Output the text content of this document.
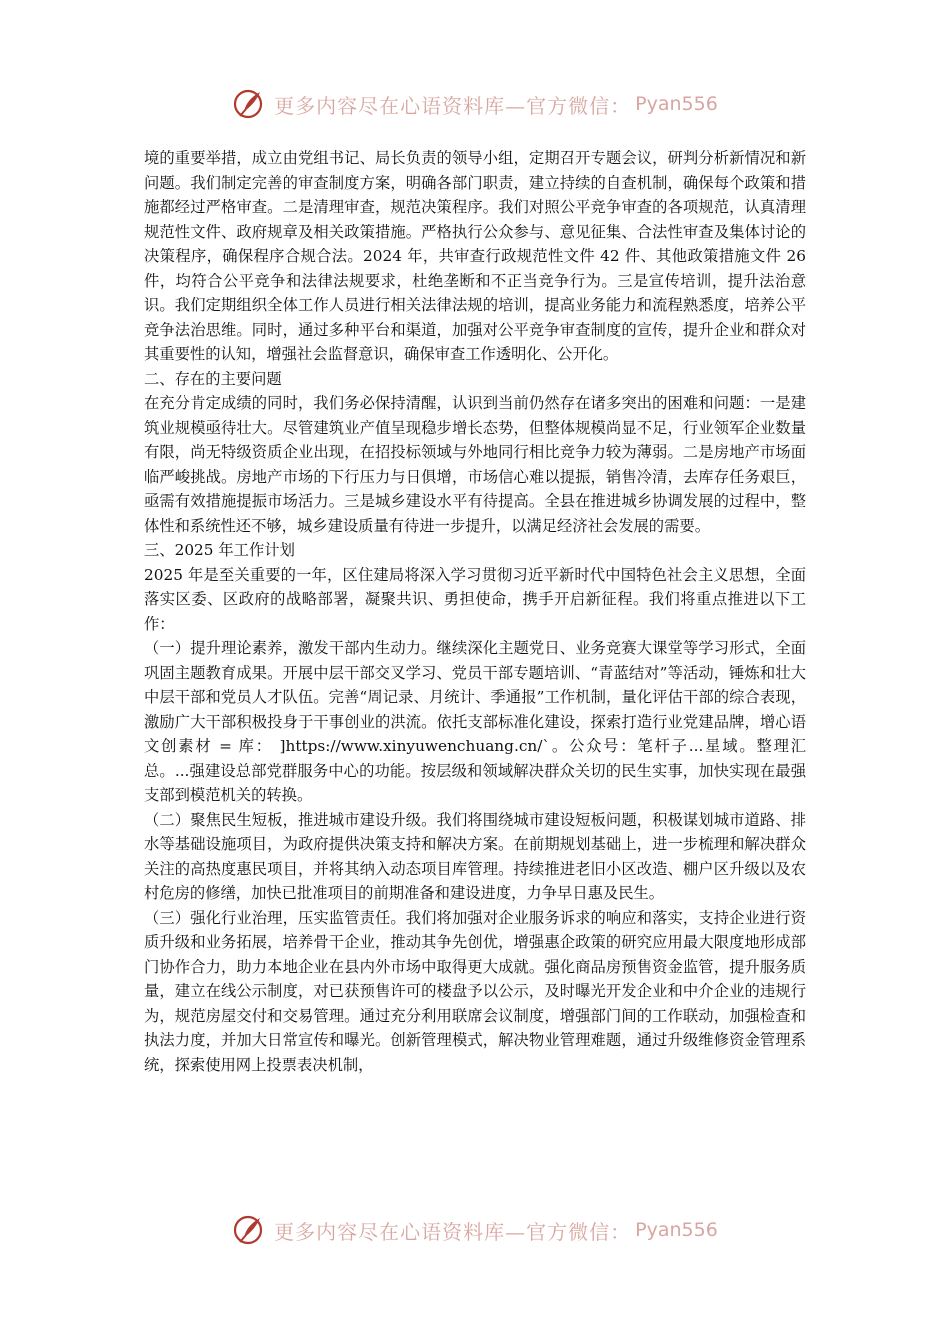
更多内容尽在心语资料库—官方微信： Pyan556

境的重要举措，成立由党组书记、局长负责的领导小组，定期召开专题会议，研判分析新情况和新问题。我们制定完善的审查制度方案，明确各部门职责，建立持续的自查机制，确保每个政策和措施都经过严格审查。二是清理审查，规范决策程序。我们对照公平竞争审查的各项规范，认真清理规范性文件、政府规章及相关政策措施。严格执行公众参与、意见征集、合法性审查及集体讨论的决策程序，确保程序合规合法。2024 年，共审查行政规范性文件 42 件、其他政策措施文件 26 件，均符合公平竞争和法律法规要求，杜绝垄断和不正当竞争行为。三是宣传培训，提升法治意识。我们定期组织全体工作人员进行相关法律法规的培训，提高业务能力和流程熟悉度，培养公平竞争法治思维。同时，通过多种平台和渠道，加强对公平竞争审查制度的宣传，提升企业和群众对其重要性的认知，增强社会监督意识，确保审查工作透明化、公开化。

二、存在的主要问题

在充分肯定成绩的同时，我们务必保持清醒，认识到当前仍然存在诸多突出的困难和问题：一是建筑业规模亟待壮大。尽管建筑业产值呈现稳步增长态势，但整体规模尚显不足，行业领军企业数量有限，尚无特级资质企业出现，在招投标领域与外地同行相比竞争力较为薄弱。二是房地产市场面临严峻挑战。房地产市场的下行压力与日俱增，市场信心难以提振，销售冷清，去库存任务艰巨，亟需有效措施提振市场活力。三是城乡建设水平有待提高。全县在推进城乡协调发展的过程中，整体性和系统性还不够，城乡建设质量有待进一步提升，以满足经济社会发展的需要。

三、2025 年工作计划

2025 年是至关重要的一年，区住建局将深入学习贯彻习近平新时代中国特色社会主义思想，全面落实区委、区政府的战略部署，凝聚共识、勇担使命，携手开启新征程。我们将重点推进以下工作：

（一）提升理论素养，激发干部内生动力。继续深化主题党日、业务竞赛大课堂等学习形式，全面巩固主题教育成果。开展中层干部交叉学习、党员干部专题培训、“青蓝结对”等活动，锤炼和壮大中层干部和党员人才队伍。完善“周记录、月统计、季通报”工作机制，量化评估干部的综合表现，激励广大干部积极投身于干事创业的洪流。依托支部标准化建设，探索打造行业党建品牌，增心语文创素材 = 库： ]https://www.xinyuwenchuang.cn/`。公众号：笔杆子...星域。整理汇总。...强建设总部党群服务中心的功能。按层级和领域解决群众关切的民生实事，加快实现在最强支部到模范机关的转换。

（二）聚焦民生短板，推进城市建设升级。我们将围绕城市建设短板问题，积极谋划城市道路、排水等基础设施项目，为政府提供决策支持和解决方案。在前期规划基础上，进一步梳理和解决群众关注的高热度惠民项目，并将其纳入动态项目库管理。持续推进老旧小区改造、棚户区升级以及农村危房的修缮，加快已批准项目的前期准备和建设进度，力争早日惠及民生。

（三）强化行业治理，压实监管责任。我们将加强对企业服务诉求的响应和落实，支持企业进行资质升级和业务拓展，培养骨干企业，推动其争先创优，增强惠企政策的研究应用最大限度地形成部门协作合力，助力本地企业在县内外市场中取得更大成就。强化商品房预售资金监管，提升服务质量，建立在线公示制度，对已获预售许可的楼盘予以公示，及时曝光开发企业和中介企业的违规行为，规范房屋交付和交易管理。通过充分利用联席会议制度，增强部门间的工作联动，加强检查和执法力度，并加大日常宣传和曝光。创新管理模式，解决物业管理难题，通过升级维修资金管理系统，探索使用网上投票表决机制，

更多内容尽在心语资料库—官方微信： Pyan556
